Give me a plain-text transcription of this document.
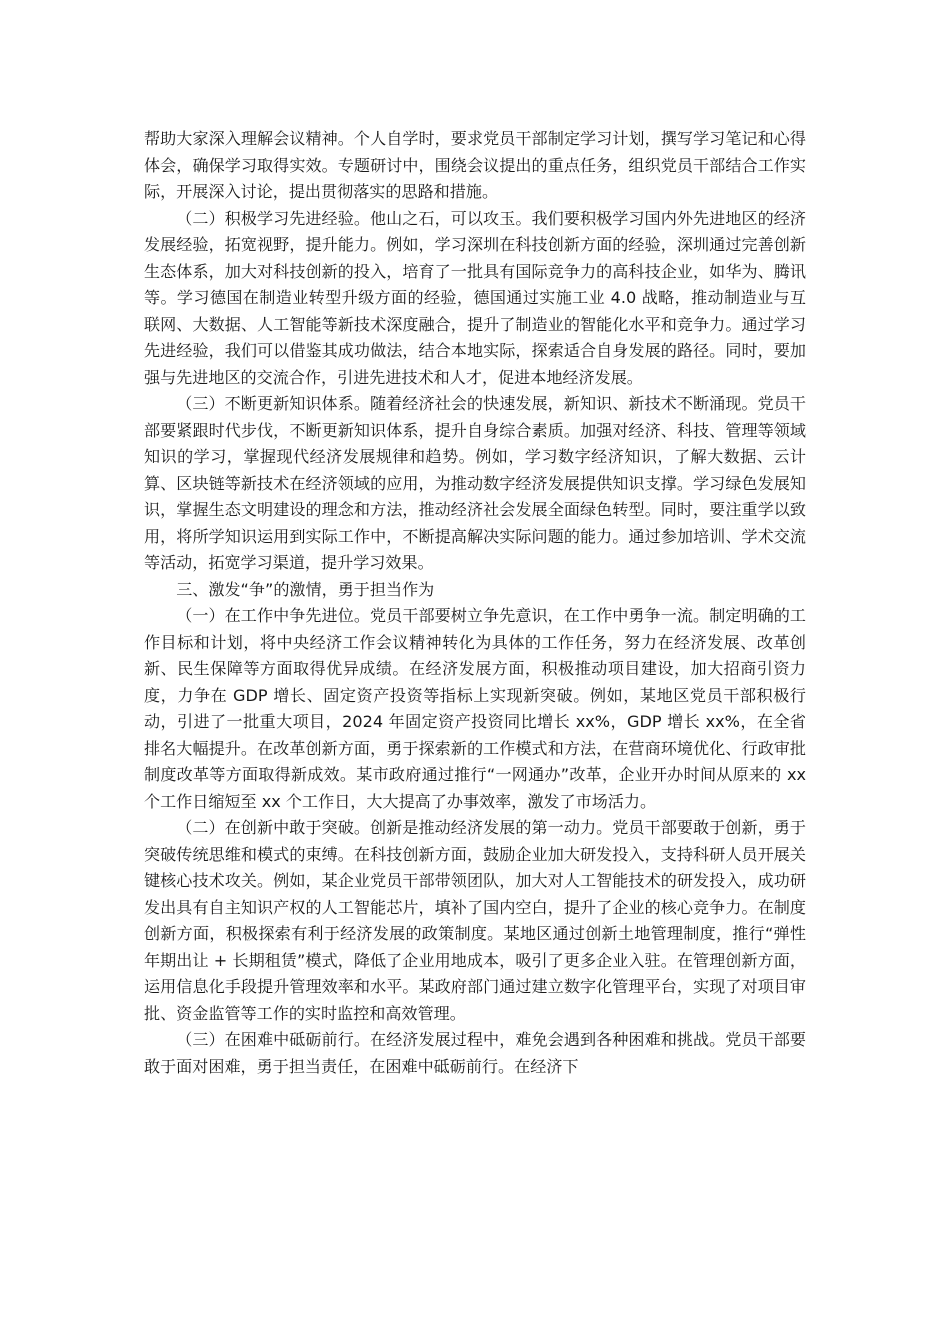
帮助大家深入理解会议精神。个人自学时，要求党员干部制定学习计划，撰写学习笔记和心得体会，确保学习取得实效。专题研讨中，围绕会议提出的重点任务，组织党员干部结合工作实际，开展深入讨论，提出贯彻落实的思路和措施。

（二）积极学习先进经验。他山之石，可以攻玉。我们要积极学习国内外先进地区的经济发展经验，拓宽视野，提升能力。例如，学习深圳在科技创新方面的经验，深圳通过完善创新生态体系，加大对科技创新的投入，培育了一批具有国际竞争力的高科技企业，如华为、腾讯等。学习德国在制造业转型升级方面的经验，德国通过实施工业 4.0 战略，推动制造业与互联网、大数据、人工智能等新技术深度融合，提升了制造业的智能化水平和竞争力。通过学习先进经验，我们可以借鉴其成功做法，结合本地实际，探索适合自身发展的路径。同时，要加强与先进地区的交流合作，引进先进技术和人才，促进本地经济发展。

（三）不断更新知识体系。随着经济社会的快速发展，新知识、新技术不断涌现。党员干部要紧跟时代步伐，不断更新知识体系，提升自身综合素质。加强对经济、科技、管理等领域知识的学习，掌握现代经济发展规律和趋势。例如，学习数字经济知识，了解大数据、云计算、区块链等新技术在经济领域的应用，为推动数字经济发展提供知识支撑。学习绿色发展知识，掌握生态文明建设的理念和方法，推动经济社会发展全面绿色转型。同时，要注重学以致用，将所学知识运用到实际工作中，不断提高解决实际问题的能力。通过参加培训、学术交流等活动，拓宽学习渠道，提升学习效果。

三、激发“争”的激情，勇于担当作为

（一）在工作中争先进位。党员干部要树立争先意识，在工作中勇争一流。制定明确的工作目标和计划，将中央经济工作会议精神转化为具体的工作任务，努力在经济发展、改革创新、民生保障等方面取得优异成绩。在经济发展方面，积极推动项目建设，加大招商引资力度，力争在 GDP 增长、固定资产投资等指标上实现新突破。例如，某地区党员干部积极行动，引进了一批重大项目，2024 年固定资产投资同比增长 xx%，GDP 增长 xx%，在全省排名大幅提升。在改革创新方面，勇于探索新的工作模式和方法，在营商环境优化、行政审批制度改革等方面取得新成效。某市政府通过推行“一网通办”改革，企业开办时间从原来的 xx 个工作日缩短至 xx 个工作日，大大提高了办事效率，激发了市场活力。

（二）在创新中敢于突破。创新是推动经济发展的第一动力。党员干部要敢于创新，勇于突破传统思维和模式的束缚。在科技创新方面，鼓励企业加大研发投入，支持科研人员开展关键核心技术攻关。例如，某企业党员干部带领团队，加大对人工智能技术的研发投入，成功研发出具有自主知识产权的人工智能芯片，填补了国内空白，提升了企业的核心竞争力。在制度创新方面，积极探索有利于经济发展的政策制度。某地区通过创新土地管理制度，推行“弹性年期出让 + 长期租赁”模式，降低了企业用地成本，吸引了更多企业入驻。在管理创新方面，运用信息化手段提升管理效率和水平。某政府部门通过建立数字化管理平台，实现了对项目审批、资金监管等工作的实时监控和高效管理。

（三）在困难中砥砺前行。在经济发展过程中，难免会遇到各种困难和挑战。党员干部要敢于面对困难，勇于担当责任，在困难中砥砺前行。在经济下
